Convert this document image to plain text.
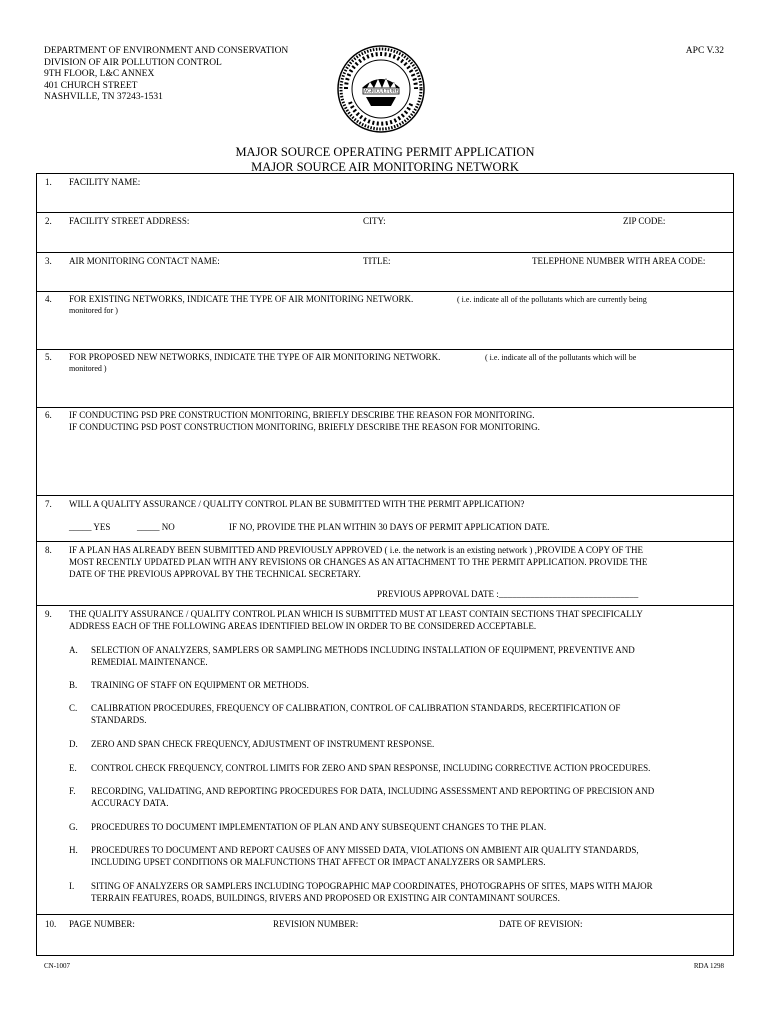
DEPARTMENT OF ENVIRONMENT AND CONSERVATION
DIVISION OF AIR POLLUTION CONTROL
9TH FLOOR, L&C ANNEX
401 CHURCH STREET
NASHVILLE, TN 37243-1531
APC V.32
AGRICULTURE
MAJOR SOURCE OPERATING PERMIT APPLICATION
MAJOR SOURCE AIR MONITORING NETWORK
1. FACILITY NAME:
2. FACILITY STREET ADDRESS:	CITY:	ZIP CODE:
3. AIR MONITORING CONTACT NAME:	TITLE:	TELEPHONE NUMBER WITH AREA CODE:
4. FOR EXISTING NETWORKS, INDICATE THE TYPE OF AIR MONITORING NETWORK.	( i.e. indicate all of the pollutants which are currently being
monitored for )
5. FOR PROPOSED NEW NETWORKS, INDICATE THE TYPE OF AIR MONITORING NETWORK.	( i.e. indicate all of the pollutants which will be
monitored )
6. IF CONDUCTING PSD PRE CONSTRUCTION MONITORING, BRIEFLY DESCRIBE THE REASON FOR MONITORING.
IF CONDUCTING PSD POST CONSTRUCTION MONITORING, BRIEFLY DESCRIBE THE REASON FOR MONITORING.
7. WILL A QUALITY ASSURANCE / QUALITY CONTROL PLAN BE SUBMITTED WITH THE PERMIT APPLICATION?
_____ YES	_____ NO	IF NO, PROVIDE THE PLAN WITHIN 30 DAYS OF PERMIT APPLICATION DATE.
8. IF A PLAN HAS ALREADY BEEN SUBMITTED AND PREVIOUSLY APPROVED ( i.e. the network is an existing network ) ,PROVIDE A COPY OF THE
MOST RECENTLY UPDATED PLAN WITH ANY REVISIONS OR CHANGES AS AN ATTACHMENT TO THE PERMIT APPLICATION. PROVIDE THE
DATE OF THE PREVIOUS APPROVAL BY THE TECHNICAL SECRETARY.
PREVIOUS APPROVAL DATE :_______________________________
9. THE QUALITY ASSURANCE / QUALITY CONTROL PLAN WHICH IS SUBMITTED MUST AT LEAST CONTAIN SECTIONS THAT SPECIFICALLY
ADDRESS EACH OF THE FOLLOWING AREAS IDENTIFIED BELOW IN ORDER TO BE CONSIDERED ACCEPTABLE.
A. SELECTION OF ANALYZERS, SAMPLERS OR SAMPLING METHODS INCLUDING INSTALLATION OF EQUIPMENT, PREVENTIVE AND
REMEDIAL MAINTENANCE.
B. TRAINING OF STAFF ON EQUIPMENT OR METHODS.
C. CALIBRATION PROCEDURES, FREQUENCY OF CALIBRATION, CONTROL OF CALIBRATION STANDARDS, RECERTIFICATION OF
STANDARDS.
D. ZERO AND SPAN CHECK FREQUENCY, ADJUSTMENT OF INSTRUMENT RESPONSE.
E. CONTROL CHECK FREQUENCY, CONTROL LIMITS FOR ZERO AND SPAN RESPONSE, INCLUDING CORRECTIVE ACTION PROCEDURES.
F. RECORDING, VALIDATING, AND REPORTING PROCEDURES FOR DATA, INCLUDING ASSESSMENT AND REPORTING OF PRECISION AND
ACCURACY DATA.
G. PROCEDURES TO DOCUMENT IMPLEMENTATION OF PLAN AND ANY SUBSEQUENT CHANGES TO THE PLAN.
H. PROCEDURES TO DOCUMENT AND REPORT CAUSES OF ANY MISSED DATA, VIOLATIONS ON AMBIENT AIR QUALITY STANDARDS,
INCLUDING UPSET CONDITIONS OR MALFUNCTIONS THAT AFFECT OR IMPACT ANALYZERS OR SAMPLERS.
I. SITING OF ANALYZERS OR SAMPLERS INCLUDING TOPOGRAPHIC MAP COORDINATES, PHOTOGRAPHS OF SITES, MAPS WITH MAJOR
TERRAIN FEATURES, ROADS, BUILDINGS, RIVERS AND PROPOSED OR EXISTING AIR CONTAMINANT SOURCES.
10. PAGE NUMBER:	REVISION NUMBER:	DATE OF REVISION:
CN-1007	RDA 1298
